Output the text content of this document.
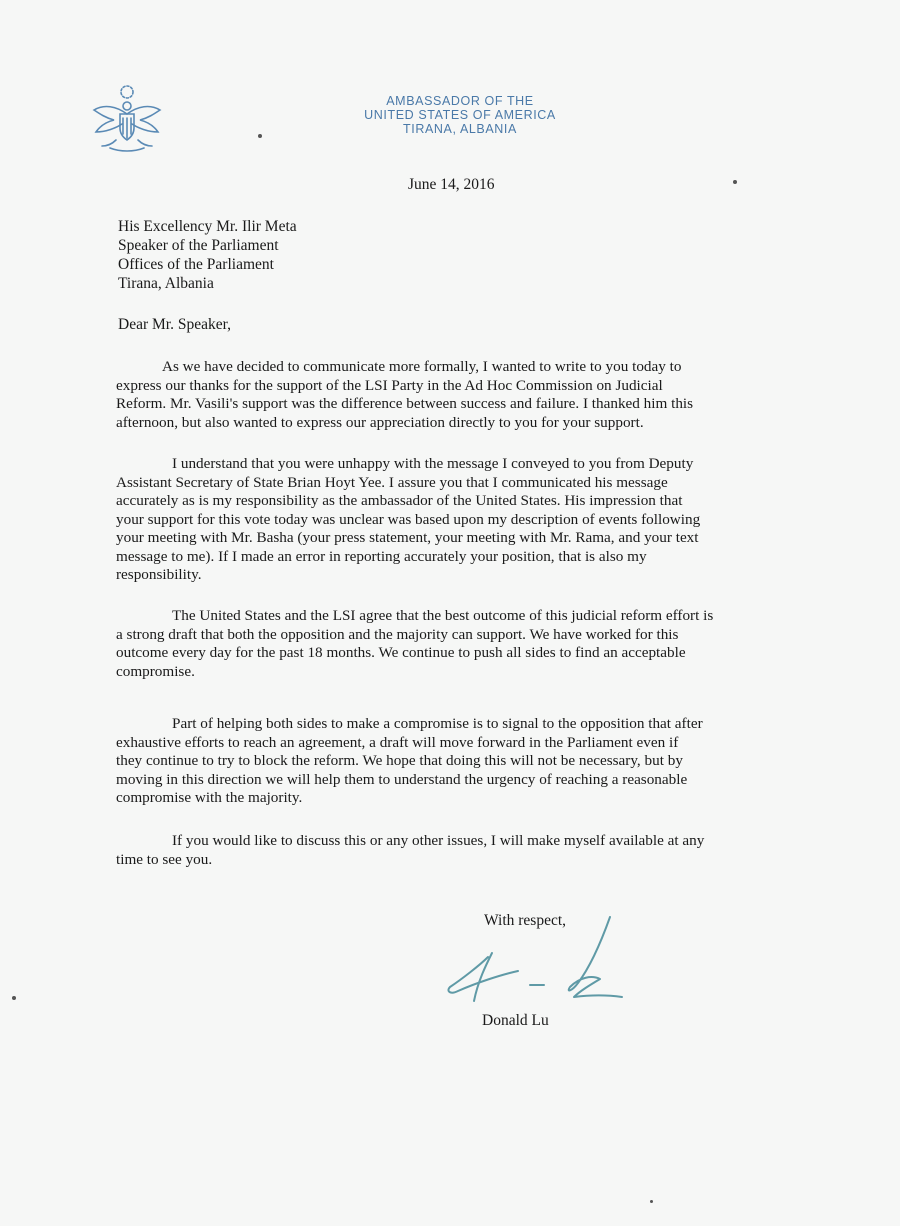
AMBASSADOR OF THE
UNITED STATES OF AMERICA
TIRANA, ALBANIA
June 14, 2016
His Excellency Mr. Ilir Meta
Speaker of the Parliament
Offices of the Parliament
Tirana, Albania
Dear Mr. Speaker,
As we have decided to communicate more formally, I wanted to write to you today to
express our thanks for the support of the LSI Party in the Ad Hoc Commission on Judicial
Reform. Mr. Vasili's support was the difference between success and failure. I thanked him this
afternoon, but also wanted to express our appreciation directly to you for your support.
I understand that you were unhappy with the message I conveyed to you from Deputy
Assistant Secretary of State Brian Hoyt Yee. I assure you that I communicated his message
accurately as is my responsibility as the ambassador of the United States. His impression that
your support for this vote today was unclear was based upon my description of events following
your meeting with Mr. Basha (your press statement, your meeting with Mr. Rama, and your text
message to me). If I made an error in reporting accurately your position, that is also my
responsibility.
The United States and the LSI agree that the best outcome of this judicial reform effort is
a strong draft that both the opposition and the majority can support. We have worked for this
outcome every day for the past 18 months. We continue to push all sides to find an acceptable
compromise.
Part of helping both sides to make a compromise is to signal to the opposition that after
exhaustive efforts to reach an agreement, a draft will move forward in the Parliament even if
they continue to try to block the reform. We hope that doing this will not be necessary, but by
moving in this direction we will help them to understand the urgency of reaching a reasonable
compromise with the majority.
If you would like to discuss this or any other issues, I will make myself available at any
time to see you.
With respect,
Donald Lu
